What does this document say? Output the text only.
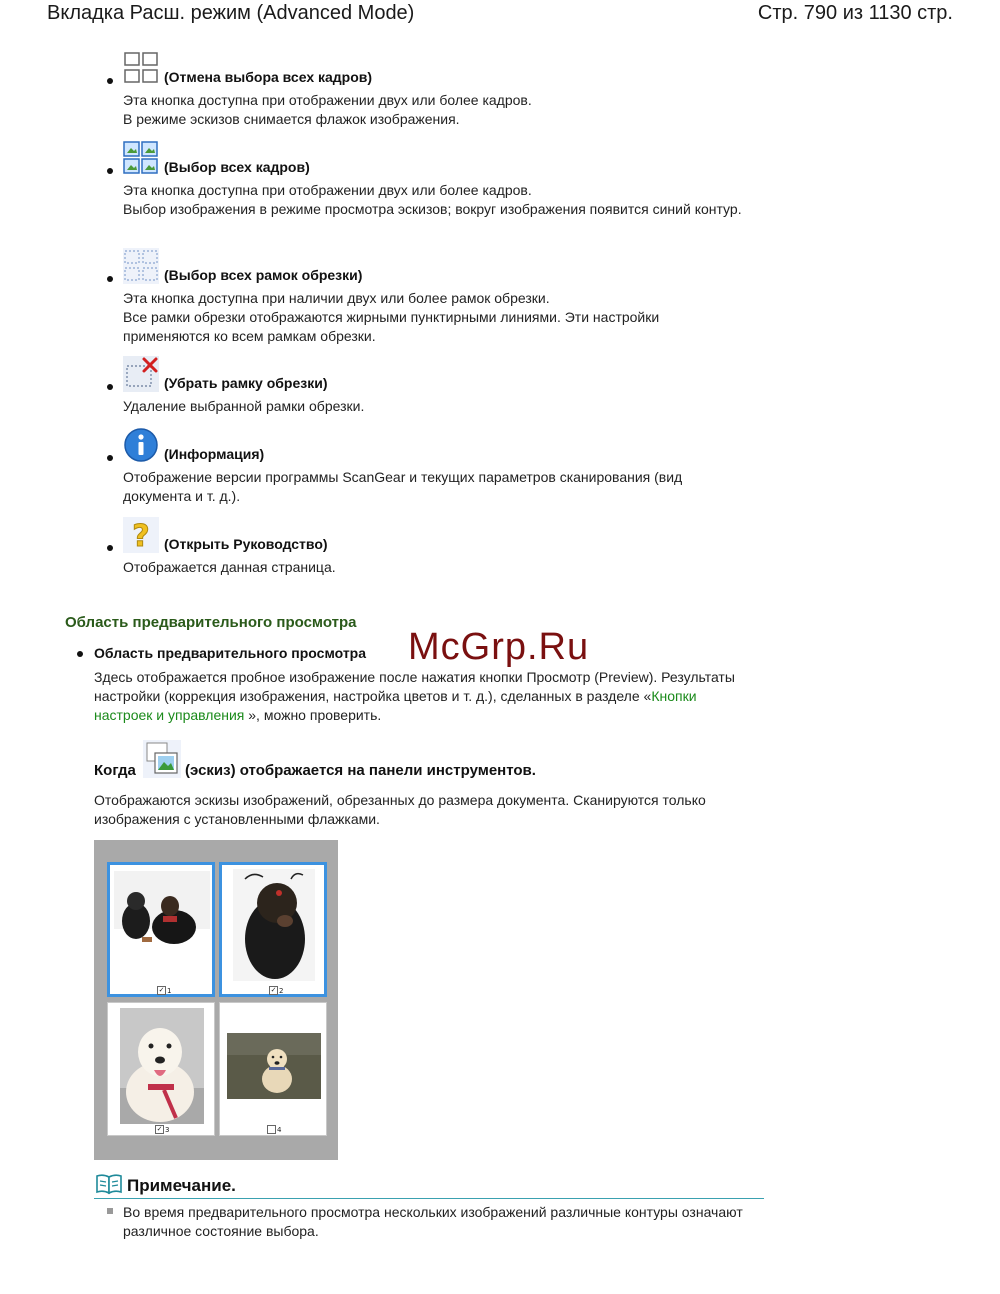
Вкладка Расш. режим (Advanced Mode)	Стр. 790 из 1130 стр.
(Отмена выбора всех кадров)
Эта кнопка доступна при отображении двух или более кадров.
В режиме эскизов снимается флажок изображения.
(Выбор всех кадров)
Эта кнопка доступна при отображении двух или более кадров.
Выбор изображения в режиме просмотра эскизов; вокруг изображения появится синий контур.
(Выбор всех рамок обрезки)
Эта кнопка доступна при наличии двух или более рамок обрезки.
Все рамки обрезки отображаются жирными пунктирными линиями. Эти настройки применяются ко всем рамкам обрезки.
(Убрать рамку обрезки)
Удаление выбранной рамки обрезки.
(Информация)
Отображение версии программы ScanGear и текущих параметров сканирования (вид документа и т. д.).
? (Открыть Руководство)
Отображается данная страница.
Область предварительного просмотра
McGrp.Ru
Область предварительного просмотра
Здесь отображается пробное изображение после нажатия кнопки Просмотр (Preview). Результаты настройки (коррекция изображения, настройка цветов и т. д.), сделанных в разделе «Кнопки настроек и управления », можно проверить.
Когда	(эскиз) отображается на панели инструментов.
Отображаются эскизы изображений, обрезанных до размера документа. Сканируются только изображения с установленными флажками.
✓ 1	✓ 2
✓ 3	4
Примечание.
Во время предварительного просмотра нескольких изображений различные контуры означают различное состояние выбора.
